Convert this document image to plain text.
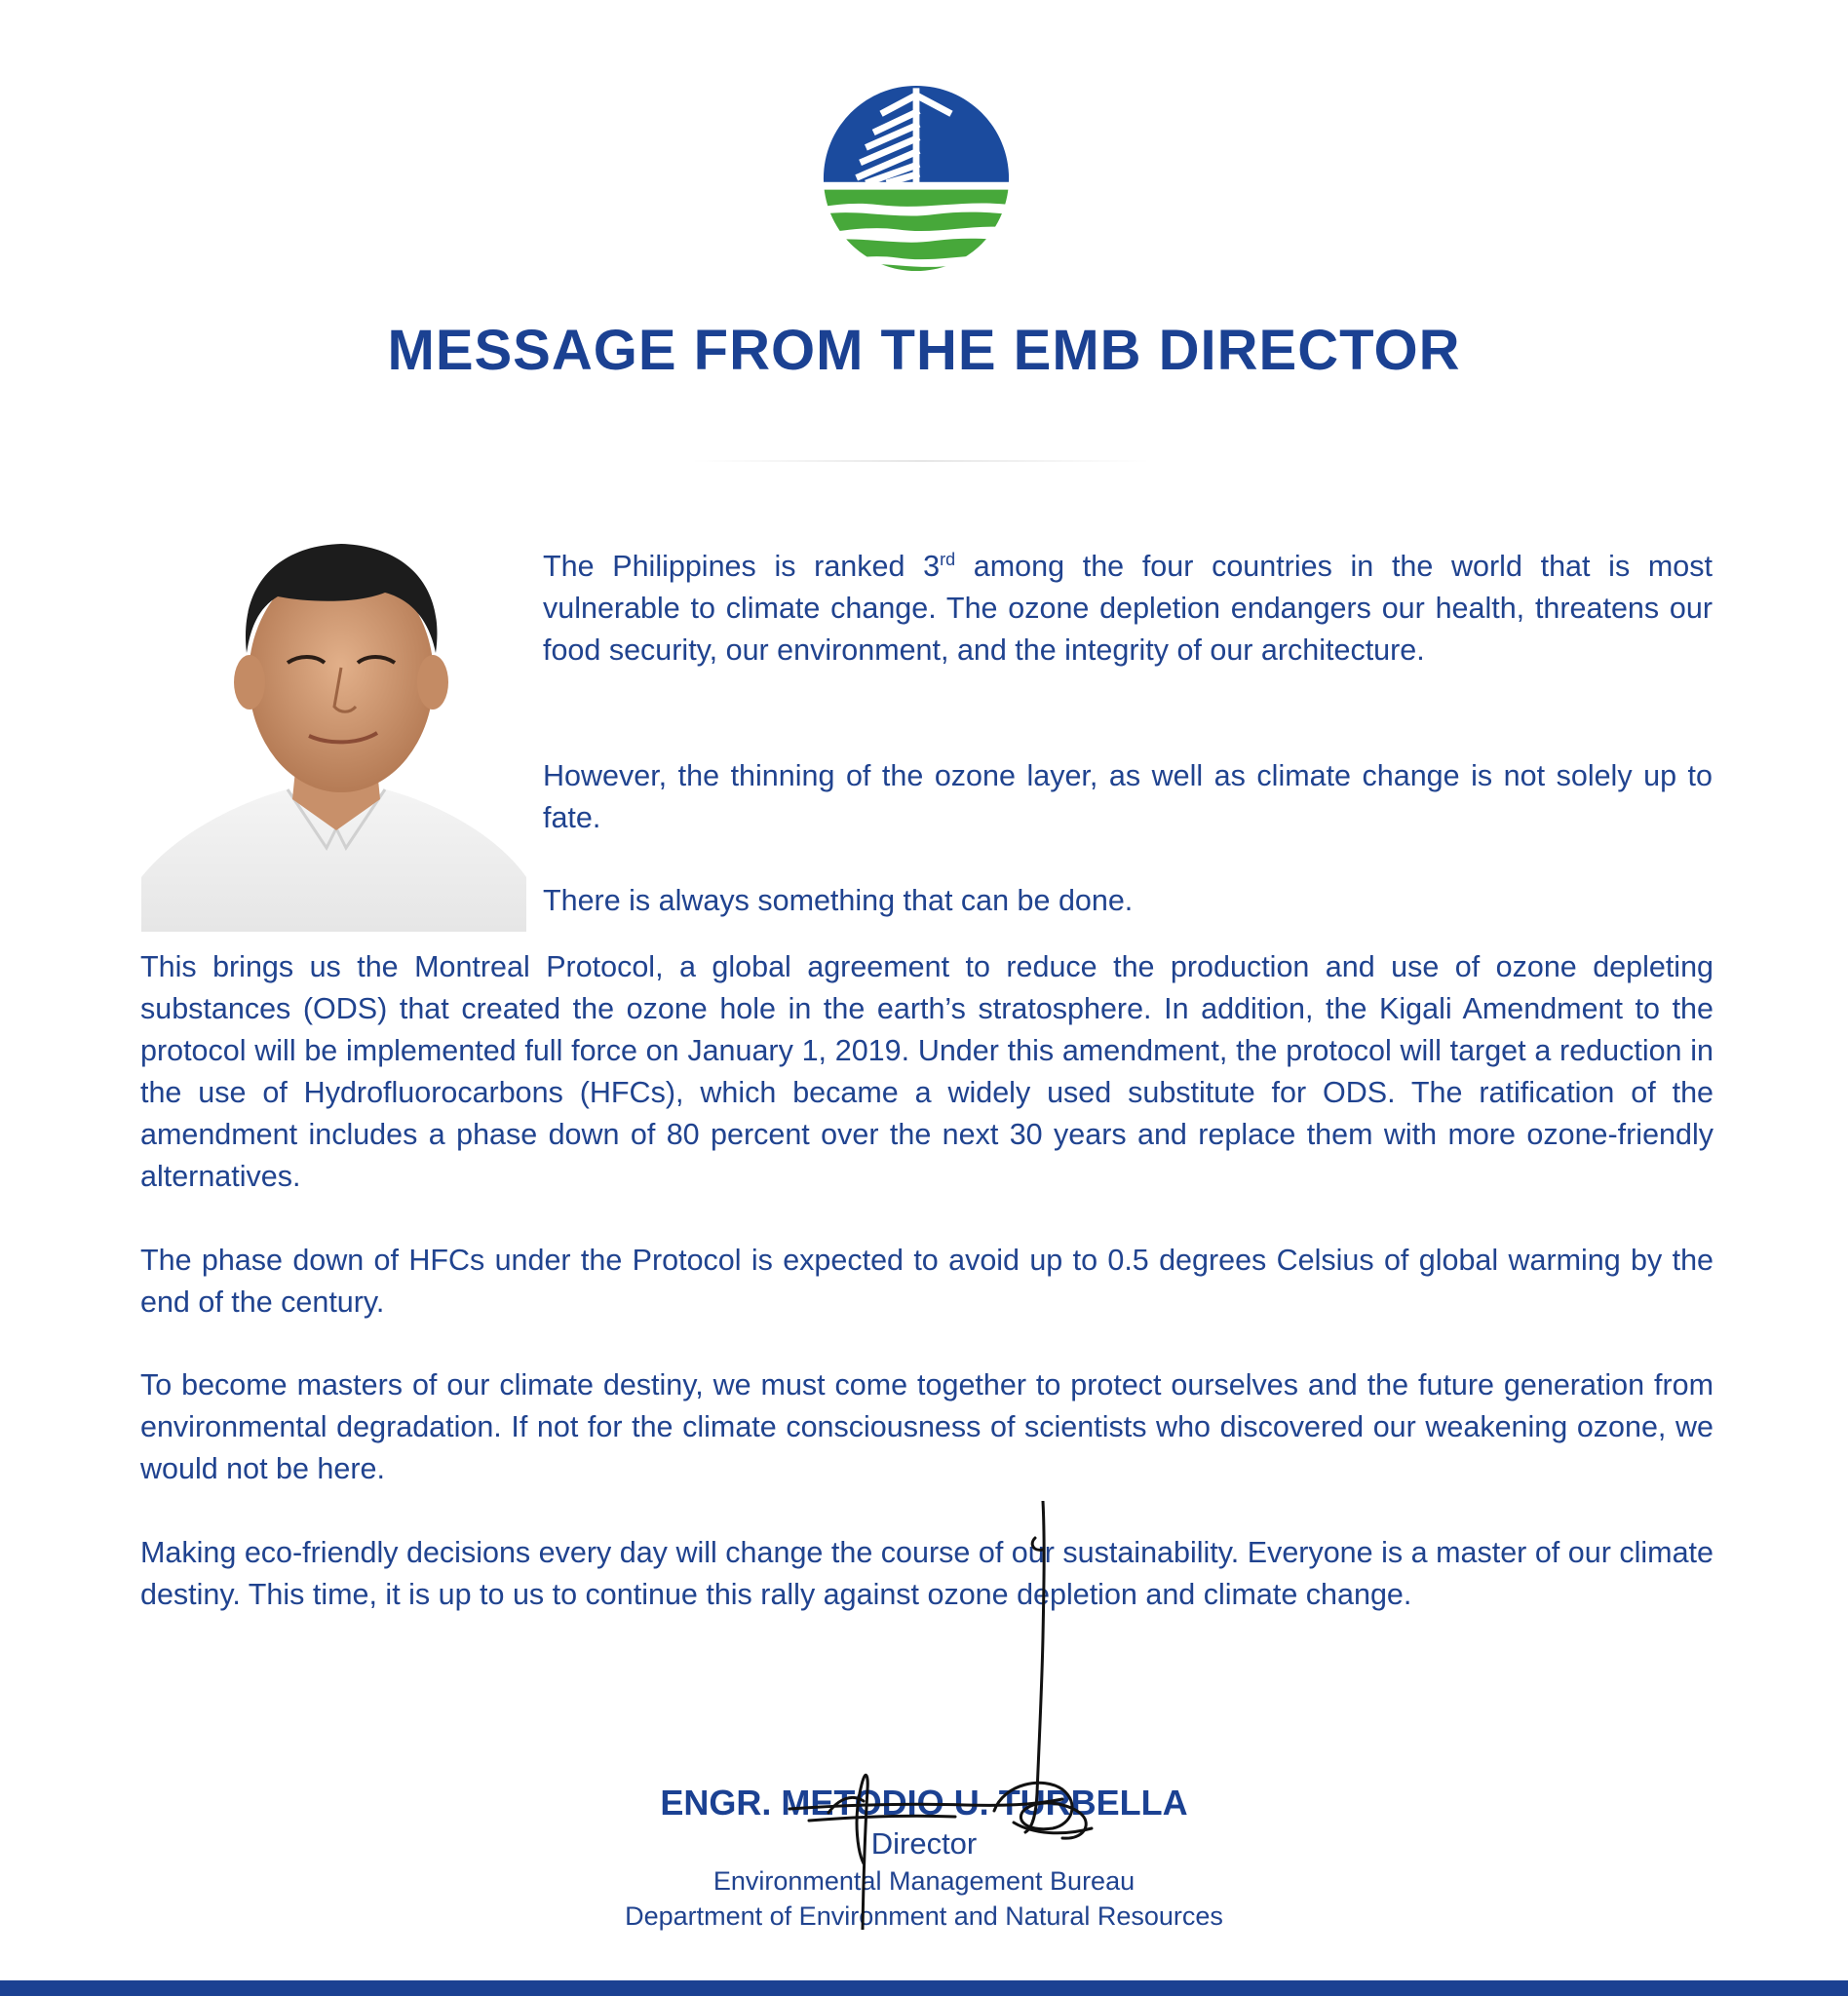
MESSAGE FROM THE EMB DIRECTOR

The Philippines is ranked 3rd among the four countries in the world that is most vulnerable to climate change. The ozone depletion endangers our health, threatens our food security, our environment, and the integrity of our architecture.

However, the thinning of the ozone layer, as well as climate change is not solely up to fate.

There is always something that can be done.

This brings us the Montreal Protocol, a global agreement to reduce the production and use of ozone depleting substances (ODS) that created the ozone hole in the earth’s stratosphere. In addition, the Kigali Amendment to the protocol will be implemented full force on January 1, 2019. Under this amendment, the protocol will target a reduction in the use of Hydrofluorocarbons (HFCs), which became a widely used substitute for ODS. The ratification of the amendment includes a phase down of 80 percent over the next 30 years and replace them with more ozone-friendly alternatives.

The phase down of HFCs under the Protocol is expected to avoid up to 0.5 degrees Celsius of global warming by the end of the century.

To become masters of our climate destiny, we must come together to protect ourselves and the future generation from environmental degradation. If not for the climate consciousness of scientists who discovered our weakening ozone, we would not be here.

Making eco-friendly decisions every day will change the course of our sustainability. Everyone is a master of our climate destiny. This time, it is up to us to continue this rally against ozone depletion and climate change.

ENGR. METODIO U. TURBELLA
Director
Environmental Management Bureau
Department of Environment and Natural Resources
